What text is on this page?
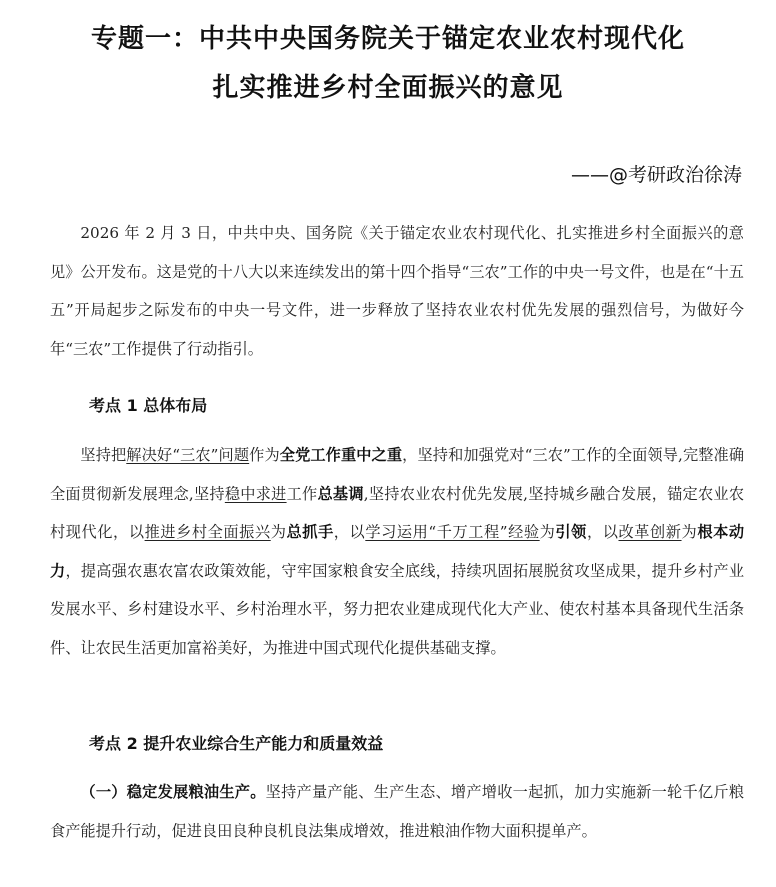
专题一：中共中央国务院关于锚定农业农村现代化
扎实推进乡村全面振兴的意见
——@考研政治徐涛

2026 年 2 月 3 日，中共中央、国务院《关于锚定农业农村现代化、扎实推进乡村全面振兴的意见》公开发布。这是党的十八大以来连续发出的第十四个指导“三农”工作的中央一号文件，也是在“十五五”开局起步之际发布的中央一号文件，进一步释放了坚持农业农村优先发展的强烈信号，为做好今年“三农”工作提供了行动指引。

考点 1 总体布局

坚持把解决好“三农”问题作为全党工作重中之重，坚持和加强党对“三农”工作的全面领导,完整准确全面贯彻新发展理念,坚持稳中求进工作总基调,坚持农业农村优先发展,坚持城乡融合发展，锚定农业农村现代化，以推进乡村全面振兴为总抓手，以学习运用“千万工程”经验为引领，以改革创新为根本动力，提高强农惠农富农政策效能，守牢国家粮食安全底线，持续巩固拓展脱贫攻坚成果，提升乡村产业发展水平、乡村建设水平、乡村治理水平，努力把农业建成现代化大产业、使农村基本具备现代生活条件、让农民生活更加富裕美好，为推进中国式现代化提供基础支撑。

考点 2 提升农业综合生产能力和质量效益

（一）稳定发展粮油生产。坚持产量产能、生产生态、增产增收一起抓，加力实施新一轮千亿斤粮食产能提升行动，促进良田良种良机良法集成增效，推进粮油作物大面积提单产。
